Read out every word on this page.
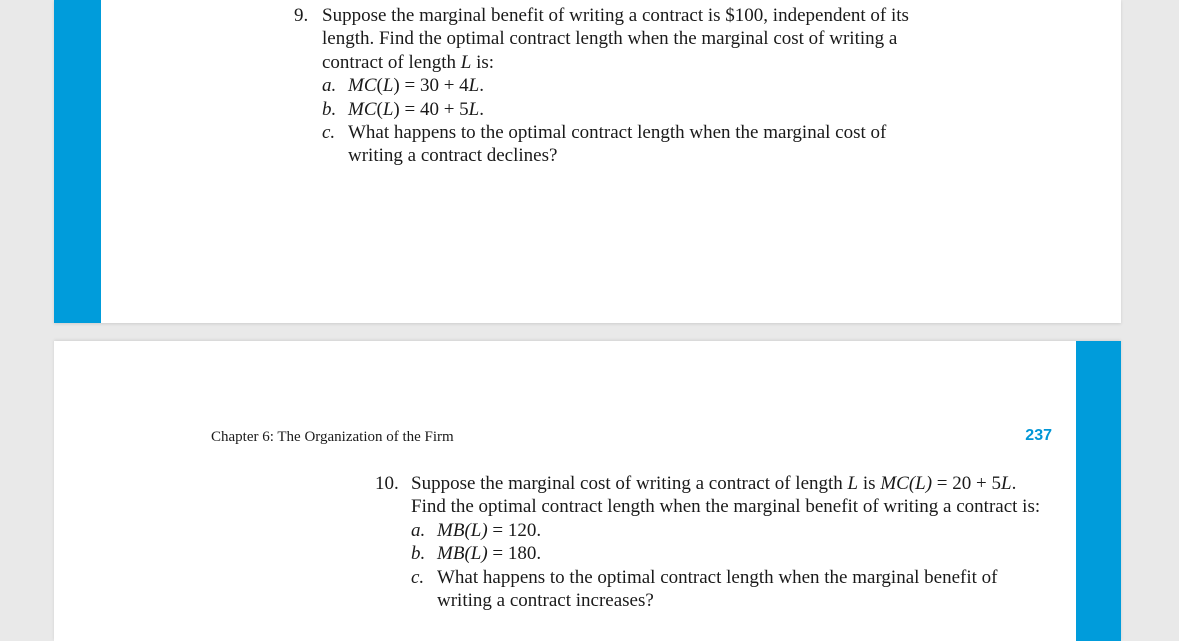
9. Suppose the marginal benefit of writing a contract is $100, independent of its
length. Find the optimal contract length when the marginal cost of writing a
contract of length L is:
a. MC(L) = 30 + 4L.
b. MC(L) = 40 + 5L.
c. What happens to the optimal contract length when the marginal cost of
writing a contract declines?
Chapter 6: The Organization of the Firm	237
10. Suppose the marginal cost of writing a contract of length L is MC(L) = 20 + 5L.
Find the optimal contract length when the marginal benefit of writing a contract is:
a. MB(L) = 120.
b. MB(L) = 180.
c. What happens to the optimal contract length when the marginal benefit of
writing a contract increases?
